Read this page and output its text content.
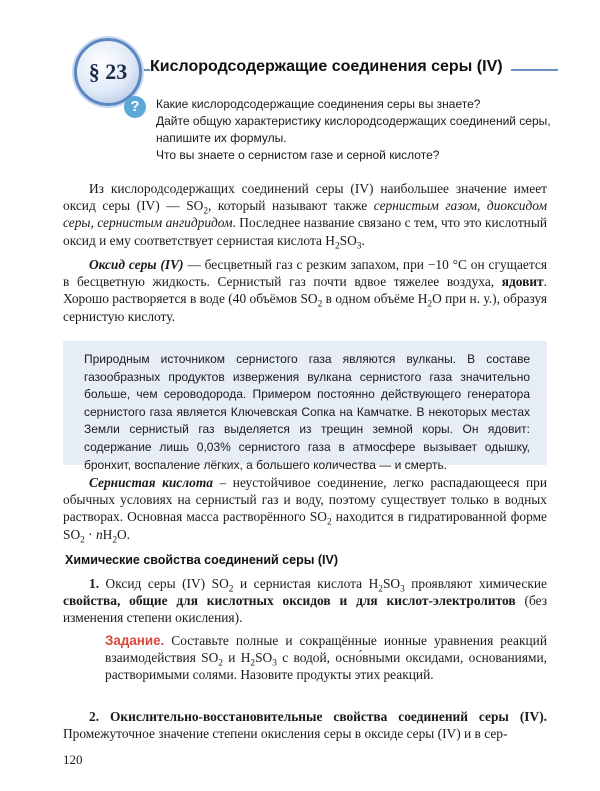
§ 23	Кислородсодержащие соединения серы (IV)
?	Какие кислородсодержащие соединения серы вы знаете?

Дайте общую характеристику кислородсодержащих соединений серы, напишите их формулы.

Что вы знаете о сернистом газе и серной кислоте?

Из кислородсодержащих соединений серы (IV) наибольшее значение имеет оксид серы (IV) — $SO_2$, который называют также сернистым газом, диоксидом серы, сернистым ангидридом. Последнее название связано с тем, что это кислотный оксид и ему соответствует сернистая кислота $H_2SO_3$.

Оксид серы (IV) — бесцветный газ с резким запахом, при −10 °С он сгущается в бесцветную жидкость. Сернистый газ почти вдвое тяжелее воздуха, ядовит. Хорошо растворяется в воде (40 объёмов $SO_2$ в одном объёме $H_2O$ при н. у.), образуя сернистую кислоту.

Природным источником сернистого газа являются вулканы. В составе газообразных продуктов извержения вулкана сернистого газа значительно больше, чем сероводорода. Примером постоянно действующего генератора сернистого газа является Ключевская Сопка на Камчатке. В некоторых местах Земли сернистый газ выделяется из трещин земной коры. Он ядовит: содержание лишь 0,03% сернистого газа в атмосфере вызывает одышку, бронхит, воспаление лёгких, а большего количества — и смерть.

Сернистая кислота – неустойчивое соединение, легко распадающееся при обычных условиях на сернистый газ и воду, поэтому существует только в водных растворах. Основная масса растворённого $SO_2$ находится в гидратированной форме $SO_2 \cdot nH_2O$.

Химические свойства соединений серы (IV)

1. Оксид серы (IV) $SO_2$ и сернистая кислота $H_2SO_3$ проявляют химические свойства, общие для кислотных оксидов и для кислот-электролитов (без изменения степени окисления).

Задание. Составьте полные и сокращённые ионные уравнения реакций взаимодействия $SO_2$ и $H_2SO_3$ с водой, осно́вными оксидами, основаниями, растворимыми солями. Назовите продукты этих реакций.

2. Окислительно-восстановительные свойства соединений серы (IV). Промежуточное значение степени окисления серы в оксиде серы (IV) и в сер-

120
